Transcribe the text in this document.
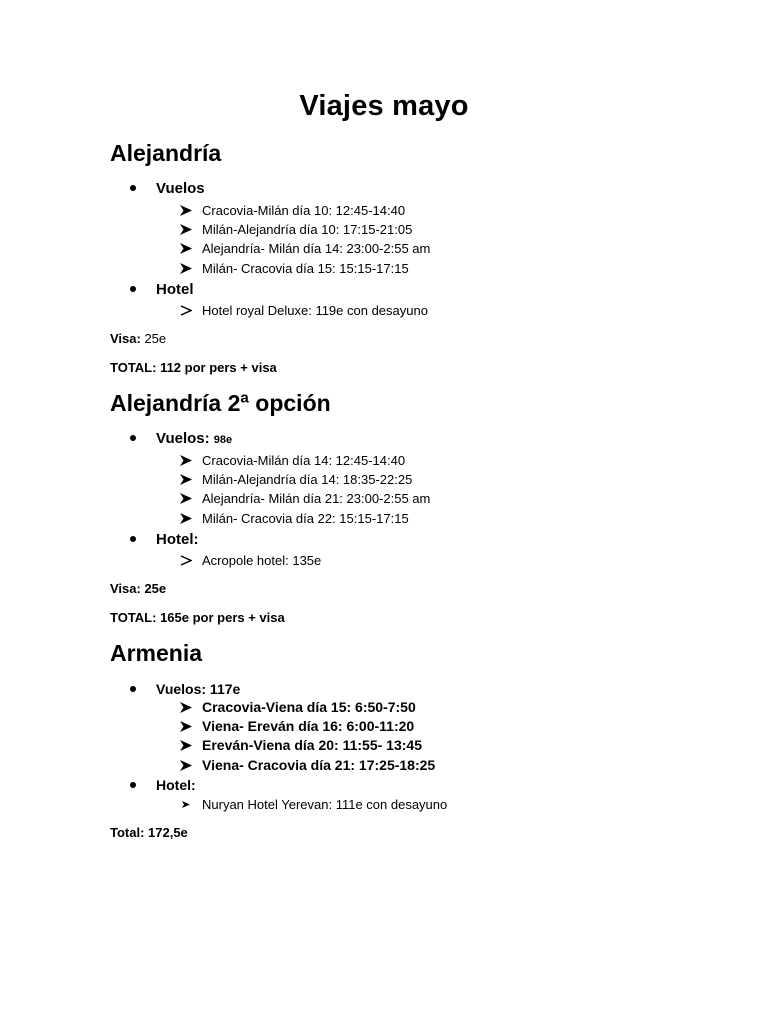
Viajes mayo
Alejandría
Vuelos
Cracovia-Milán día 10: 12:45-14:40
Milán-Alejandría día 10: 17:15-21:05
Alejandría- Milán día 14: 23:00-2:55 am
Milán- Cracovia día 15: 15:15-17:15
Hotel
Hotel royal Deluxe: 119e con desayuno
Visa: 25e
TOTAL: 112 por pers + visa
Alejandría 2ª opción
Vuelos: 98e
Cracovia-Milán día 14: 12:45-14:40
Milán-Alejandría día 14: 18:35-22:25
Alejandría- Milán día 21: 23:00-2:55 am
Milán- Cracovia día 22: 15:15-17:15
Hotel:
Acropole hotel: 135e
Visa: 25e
TOTAL: 165e por pers + visa
Armenia
Vuelos: 117e
Cracovia-Viena día 15: 6:50-7:50
Viena- Ereván día 16: 6:00-11:20
Ereván-Viena día 20: 11:55- 13:45
Viena- Cracovia día 21: 17:25-18:25
Hotel:
Nuryan Hotel Yerevan: 111e con desayuno
Total: 172,5e
